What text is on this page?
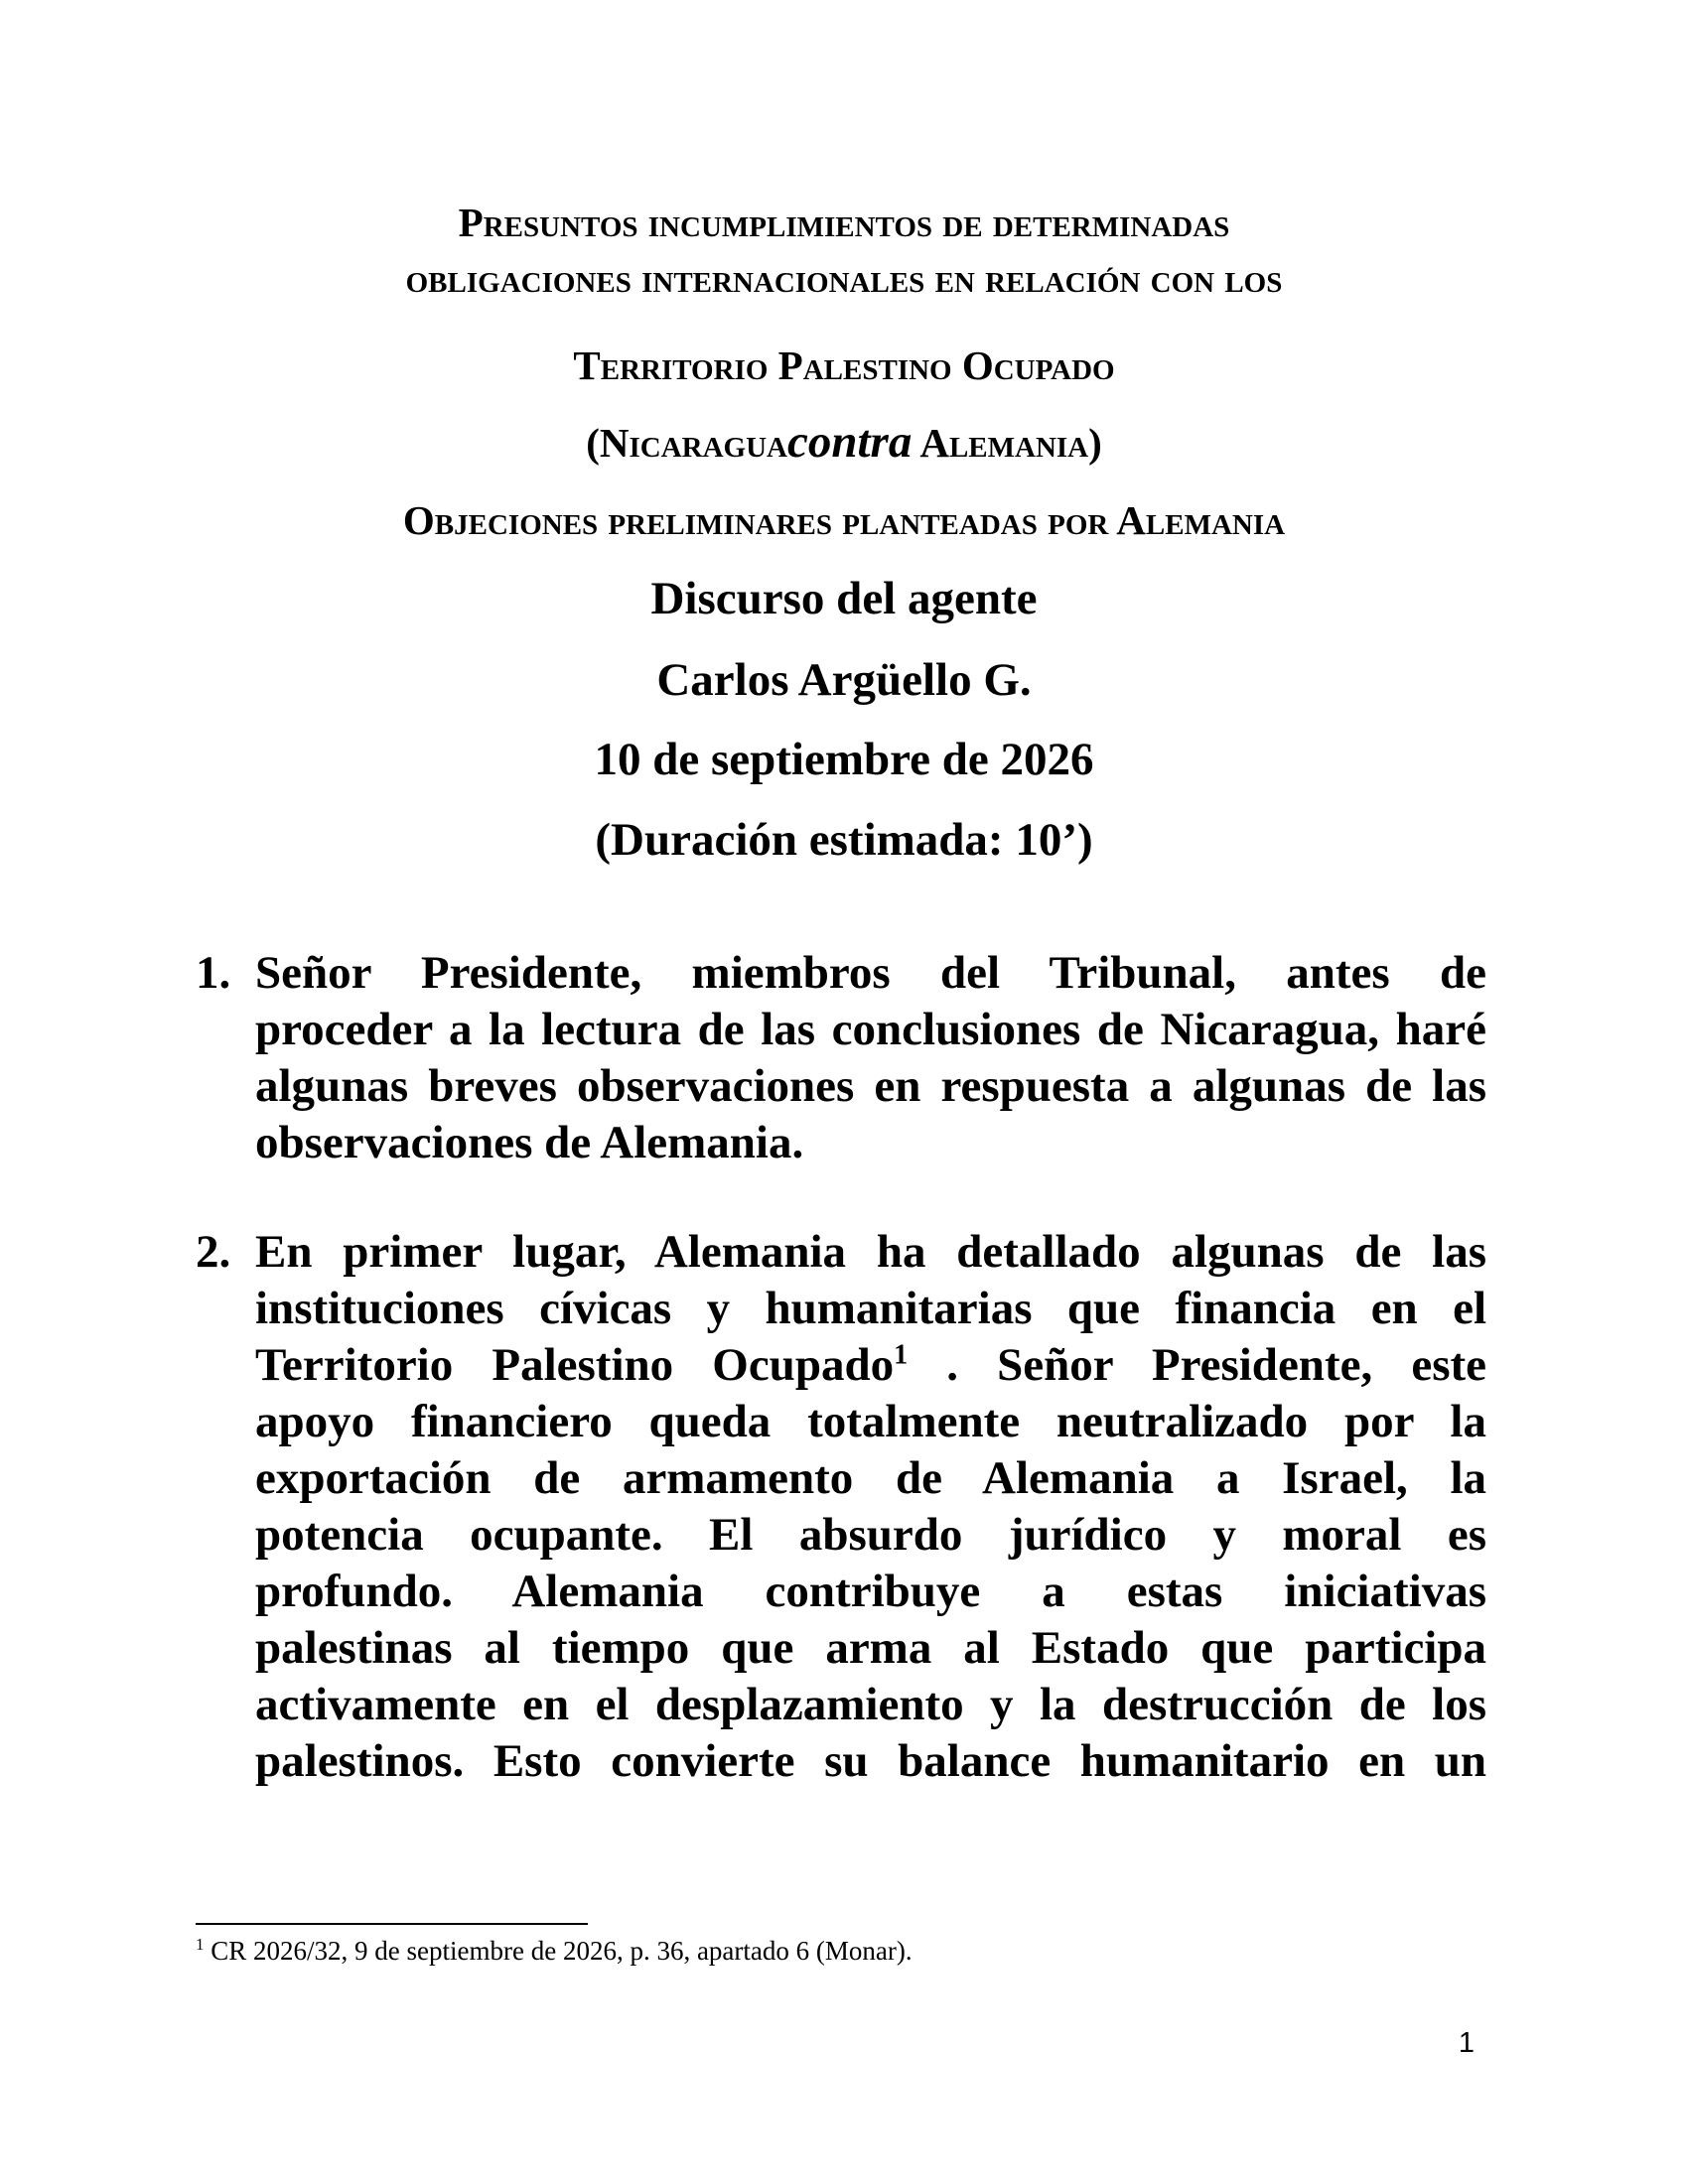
Presuntos incumplimientos de determinadas

obligaciones internacionales en relación con los

Territorio Palestino Ocupado

(Nicaraguacontra Alemania)

Objeciones preliminares planteadas por Alemania

Discurso del agente

Carlos Argüello G.

10 de septiembre de 2026

(Duración estimada: 10’)

1. Señor Presidente, miembros del Tribunal, antes de
proceder a la lectura de las conclusiones de Nicaragua, haré
algunas breves observaciones en respuesta a algunas de las
observaciones de Alemania.
2. En primer lugar, Alemania ha detallado algunas de las
instituciones cívicas y humanitarias que financia en el
Territorio Palestino Ocupado$^1$ . Señor Presidente, este
apoyo financiero queda totalmente neutralizado por la
exportación de armamento de Alemania a Israel, la
potencia ocupante. El absurdo jurídico y moral es
profundo. Alemania contribuye a estas iniciativas
palestinas al tiempo que arma al Estado que participa
activamente en el desplazamiento y la destrucción de los
palestinos. Esto convierte su balance humanitario en un
$^1$ CR 2026/32, 9 de septiembre de 2026, p. 36, apartado 6 (Monar).
1
